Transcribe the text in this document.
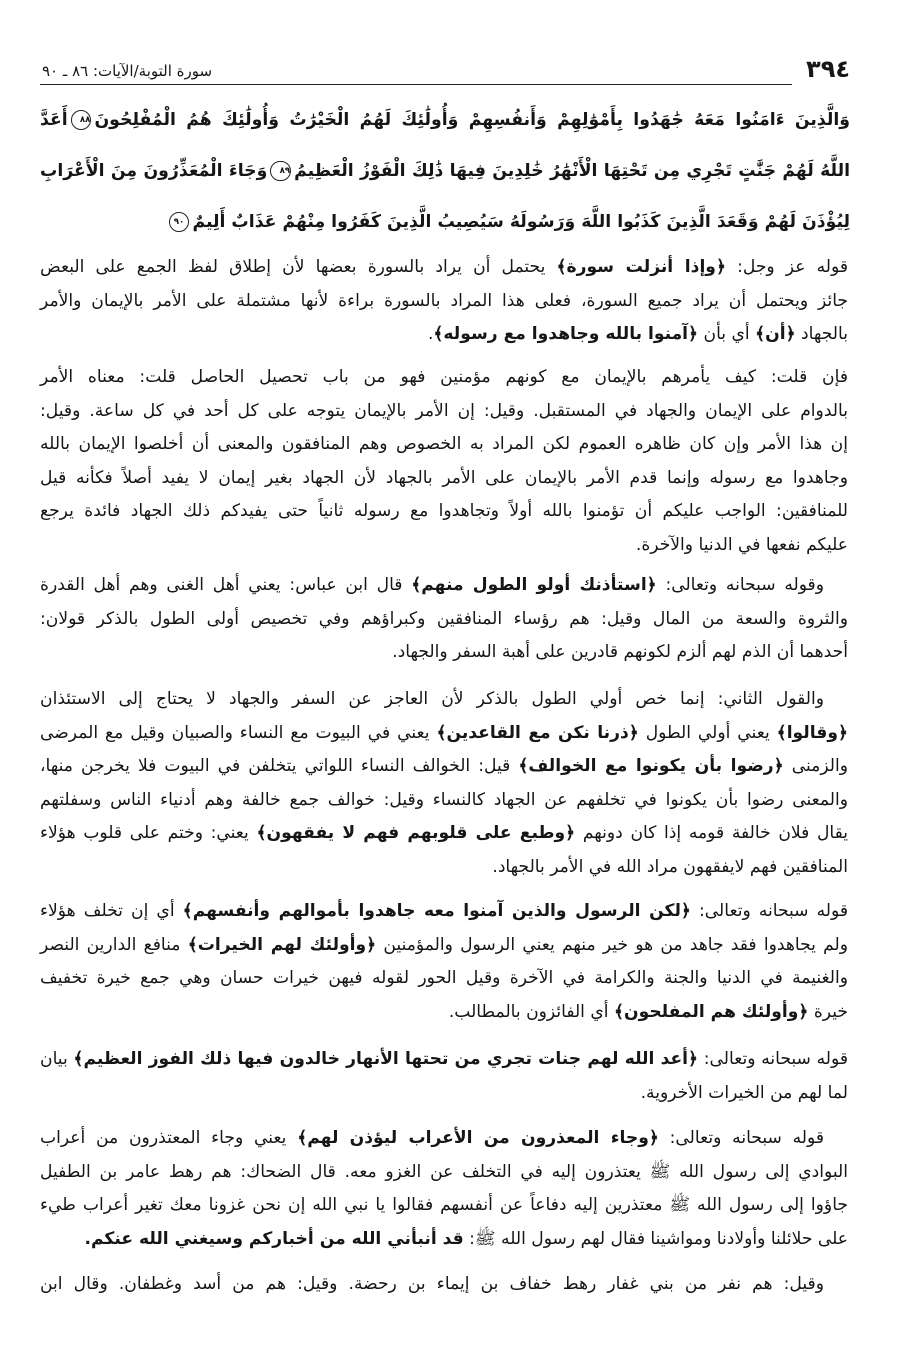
٣٩٤
سورة التوبة/الآيات: ٨٦ ـ ٩٠
وَالَّذِينَ ءَامَنُوا مَعَهُ جَٰهَدُوا بِأَمْوَٰلِهِمْ وَأَنفُسِهِمْ وَأُولَٰئِكَ لَهُمُ الْخَيْرَٰتُ وَأُولَٰئِكَ هُمُ الْمُفْلِحُونَ٨٨أَعَدَّ
اللَّهُ لَهُمْ جَنَّٰتٍ تَجْرِي مِن تَحْتِهَا الْأَنْهَٰرُ خَٰلِدِينَ فِيهَا ذَٰلِكَ الْفَوْزُ الْعَظِيمُ٨٩وَجَاءَ الْمُعَذِّرُونَ مِنَ الْأَعْرَابِ
لِيُؤْذَنَ لَهُمْ وَقَعَدَ الَّذِينَ كَذَبُوا اللَّهَ وَرَسُولَهُ سَيُصِيبُ الَّذِينَ كَفَرُوا مِنْهُمْ عَذَابٌ أَلِيمٌ٩٠
قوله عز وجل: ﴿وإذا أنزلت سورة﴾ يحتمل أن يراد بالسورة بعضها لأن إطلاق لفظ الجمع على البعض
جائز ويحتمل أن يراد جميع السورة، فعلى هذا المراد بالسورة براءة لأنها مشتملة على الأمر بالإيمان والأمر
بالجهاد ﴿أن﴾ أي بأن ﴿آمنوا بالله وجاهدوا مع رسوله﴾.
فإن قلت: كيف يأمرهم بالإيمان مع كونهم مؤمنين فهو من باب تحصيل الحاصل قلت: معناه الأمر
بالدوام على الإيمان والجهاد في المستقبل. وقيل: إن الأمر بالإيمان يتوجه على كل أحد في كل ساعة. وقيل:
إن هذا الأمر وإن كان ظاهره العموم لكن المراد به الخصوص وهم المنافقون والمعنى أن أخلصوا الإيمان بالله
وجاهدوا مع رسوله وإنما قدم الأمر بالإيمان على الأمر بالجهاد لأن الجهاد بغير إيمان لا يفيد أصلاً فكأنه قيل
للمنافقين: الواجب عليكم أن تؤمنوا بالله أولاً وتجاهدوا مع رسوله ثانياً حتى يفيدكم ذلك الجهاد فائدة يرجع
عليكم نفعها في الدنيا والآخرة.
وقوله سبحانه وتعالى: ﴿استأذنك أولو الطول منهم﴾ قال ابن عباس: يعني أهل الغنى وهم أهل القدرة
والثروة والسعة من المال وقيل: هم رؤساء المنافقين وكبراؤهم وفي تخصيص أولى الطول بالذكر قولان:
أحدهما أن الذم لهم ألزم لكونهم قادرين على أهبة السفر والجهاد.
والقول الثاني: إنما خص أولي الطول بالذكر لأن العاجز عن السفر والجهاد لا يحتاج إلى الاستئذان
﴿وقالوا﴾ يعني أولي الطول ﴿ذرنا نكن مع القاعدين﴾ يعني في البيوت مع النساء والصبيان وقيل مع المرضى
والزمنى ﴿رضوا بأن يكونوا مع الخوالف﴾ قيل: الخوالف النساء اللواتي يتخلفن في البيوت فلا يخرجن منها،
والمعنى رضوا بأن يكونوا في تخلفهم عن الجهاد كالنساء وقيل: خوالف جمع خالفة وهم أدنياء الناس وسفلتهم
يقال فلان خالفة قومه إذا كان دونهم ﴿وطبع على قلوبهم فهم لا يفقهون﴾ يعني: وختم على قلوب هؤلاء
المنافقين فهم لايفقهون مراد الله في الأمر بالجهاد.
قوله سبحانه وتعالى: ﴿لكن الرسول والذين آمنوا معه جاهدوا بأموالهم وأنفسهم﴾ أي إن تخلف هؤلاء
ولم يجاهدوا فقد جاهد من هو خير منهم يعني الرسول والمؤمنين ﴿وأولئك لهم الخيرات﴾ منافع الدارين النصر
والغنيمة في الدنيا والجنة والكرامة في الآخرة وقيل الحور لقوله فيهن خيرات حسان وهي جمع خيرة تخفيف
خيرة ﴿وأولئك هم المفلحون﴾ أي الفائزون بالمطالب.
قوله سبحانه وتعالى: ﴿أعد الله لهم جنات تجري من تحتها الأنهار خالدون فيها ذلك الفوز العظيم﴾ بيان
لما لهم من الخيرات الأخروية.
قوله سبحانه وتعالى: ﴿وجاء المعذرون من الأعراب ليؤذن لهم﴾ يعني وجاء المعتذرون من أعراب
البوادي إلى رسول الله ﷺ يعتذرون إليه في التخلف عن الغزو معه. قال الضحاك: هم رهط عامر بن الطفيل
جاؤوا إلى رسول الله ﷺ معتذرين إليه دفاعاً عن أنفسهم فقالوا يا نبي الله إن نحن غزونا معك تغير أعراب طيء
على حلائلنا وأولادنا ومواشينا فقال لهم رسول الله ﷺ: قد أنبأني الله من أخباركم وسيغني الله عنكم.
وقيل: هم نفر من بني غفار رهط خفاف بن إيماء بن رحضة. وقيل: هم من أسد وغطفان. وقال ابن
